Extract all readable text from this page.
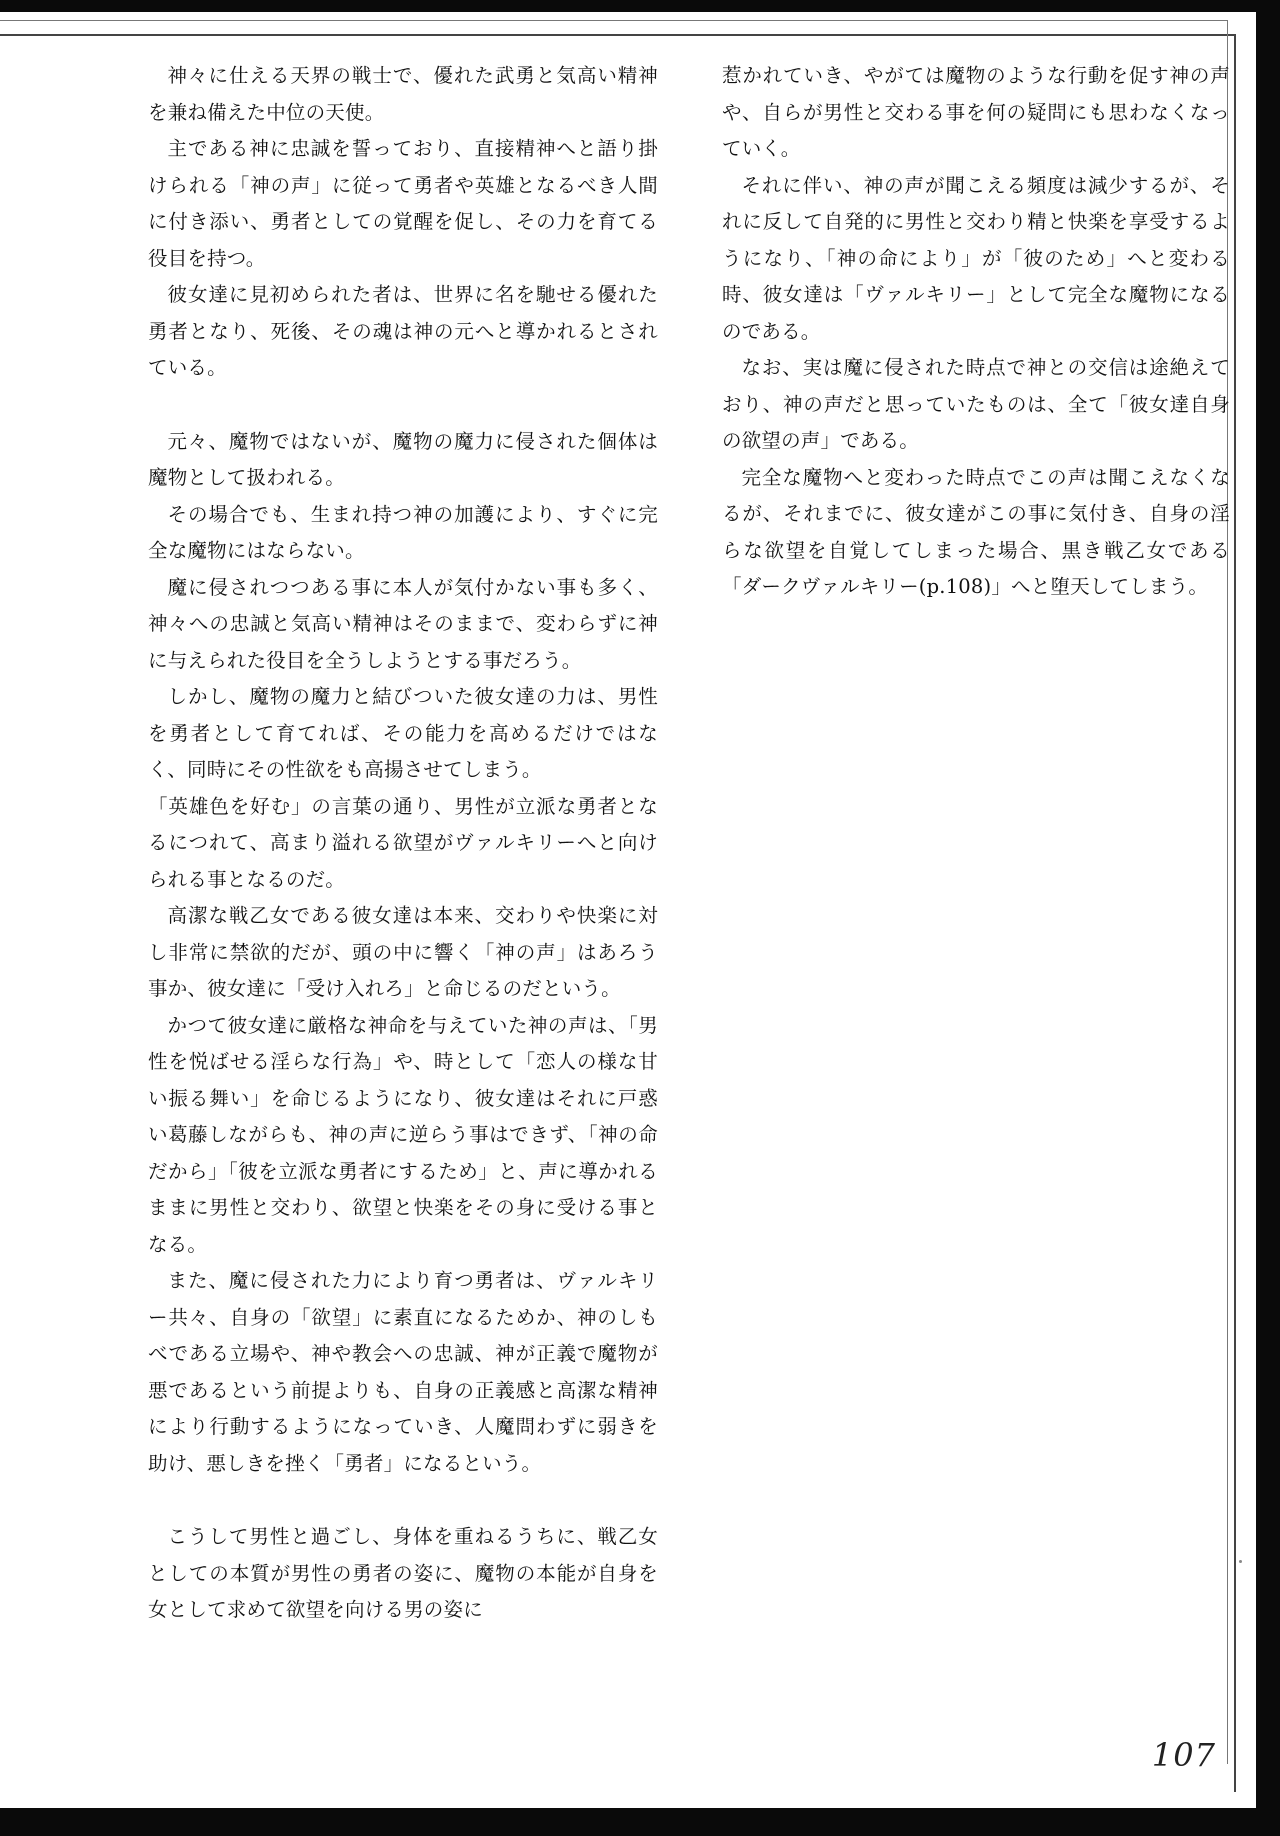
神々に仕える天界の戦士で、優れた武勇と気高い精神を兼ね備えた中位の天使。

主である神に忠誠を誓っており、直接精神へと語り掛けられる「神の声」に従って勇者や英雄となるべき人間に付き添い、勇者としての覚醒を促し、その力を育てる役目を持つ。

彼女達に見初められた者は、世界に名を馳せる優れた勇者となり、死後、その魂は神の元へと導かれるとされている。

元々、魔物ではないが、魔物の魔力に侵された個体は魔物として扱われる。

その場合でも、生まれ持つ神の加護により、すぐに完全な魔物にはならない。

魔に侵されつつある事に本人が気付かない事も多く、神々への忠誠と気高い精神はそのままで、変わらずに神に与えられた役目を全うしようとする事だろう。

しかし、魔物の魔力と結びついた彼女達の力は、男性を勇者として育てれば、その能力を高めるだけではなく、同時にその性欲をも高揚させてしまう。

「英雄色を好む」の言葉の通り、男性が立派な勇者となるにつれて、高まり溢れる欲望がヴァルキリーへと向けられる事となるのだ。

高潔な戦乙女である彼女達は本来、交わりや快楽に対し非常に禁欲的だが、頭の中に響く「神の声」はあろう事か、彼女達に「受け入れろ」と命じるのだという。

かつて彼女達に厳格な神命を与えていた神の声は、「男性を悦ばせる淫らな行為」や、時として「恋人の様な甘い振る舞い」を命じるようになり、彼女達はそれに戸惑い葛藤しながらも、神の声に逆らう事はできず、「神の命だから」「彼を立派な勇者にするため」と、声に導かれるままに男性と交わり、欲望と快楽をその身に受ける事となる。

また、魔に侵された力により育つ勇者は、ヴァルキリー共々、自身の「欲望」に素直になるためか、神のしもべである立場や、神や教会への忠誠、神が正義で魔物が悪であるという前提よりも、自身の正義感と高潔な精神により行動するようになっていき、人魔問わずに弱きを助け、悪しきを挫く「勇者」になるという。

こうして男性と過ごし、身体を重ねるうちに、戦乙女としての本質が男性の勇者の姿に、魔物の本能が自身を女として求めて欲望を向ける男の姿に

惹かれていき、やがては魔物のような行動を促す神の声や、自らが男性と交わる事を何の疑問にも思わなくなっていく。

それに伴い、神の声が聞こえる頻度は減少するが、それに反して自発的に男性と交わり精と快楽を享受するようになり、「神の命により」が「彼のため」へと変わる時、彼女達は「ヴァルキリー」として完全な魔物になるのである。

なお、実は魔に侵された時点で神との交信は途絶えており、神の声だと思っていたものは、全て「彼女達自身の欲望の声」である。

完全な魔物へと変わった時点でこの声は聞こえなくなるが、それまでに、彼女達がこの事に気付き、自身の淫らな欲望を自覚してしまった場合、黒き戦乙女である「ダークヴァルキリー(p.108)」へと堕天してしまう。

107
